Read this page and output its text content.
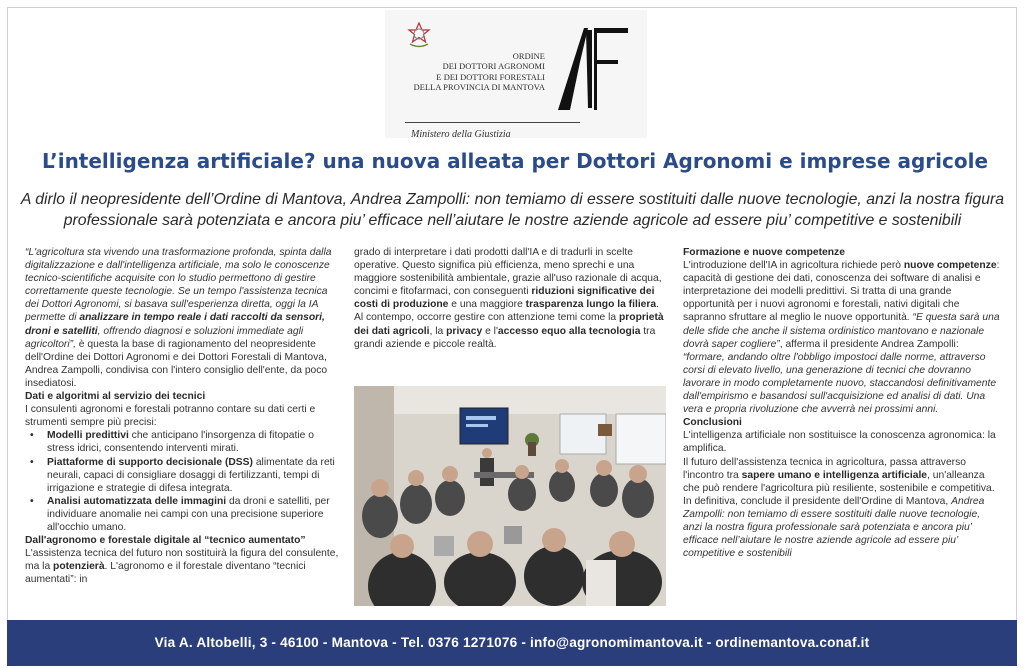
ORDINE
DEI DOTTORI AGRONOMI
E DEI DOTTORI FORESTALI
DELLA PROVINCIA DI MANTOVA
Ministero della Giustizia
L’intelligenza artificiale? una nuova alleata per Dottori Agronomi e imprese agricole
A dirlo il neopresidente dell’Ordine di Mantova, Andrea Zampolli: non temiamo di essere sostituiti dalle nuove tecnologie, anzi la nostra figura professionale sarà potenziata e ancora piu’ efficace nell’aiutare le nostre aziende agricole ad essere piu’ competitive e sostenibili

“L'agricoltura sta vivendo una trasformazione profonda, spinta dalla digitalizzazione e dall'intelligenza artificiale, ma solo le conoscenze tecnico-scientifiche acquisite con lo studio permettono di gestire correttamente queste tecnologie. Se un tempo l'assistenza tecnica dei Dottori Agronomi, si basava sull'esperienza diretta, oggi la IA permette di analizzare in tempo reale i dati raccolti da sensori, droni e satelliti, offrendo diagnosi e soluzioni immediate agli agricoltori”, è questa la base di ragionamento del neopresidente dell'Ordine dei Dottori Agronomi e dei Dottori Forestali di Mantova, Andrea Zampolli, condivisa con l'intero consiglio dell'ente, da poco insediatosi.

Dati e algoritmi al servizio dei tecnici

I consulenti agronomi e forestali potranno contare su dati certi e strumenti sempre più precisi:

• Modelli predittivi che anticipano l'insorgenza di fitopatie o stress idrici, consentendo interventi mirati.
• Piattaforme di supporto decisionale (DSS) alimentate da reti neurali, capaci di consigliare dosaggi di fertilizzanti, tempi di irrigazione e strategie di difesa integrata.
• Analisi automatizzata delle immagini da droni e satelliti, per individuare anomalie nei campi con una precisione superiore all'occhio umano.

Dall'agronomo e forestale digitale al “tecnico aumentato”

L'assistenza tecnica del futuro non sostituirà la figura del consulente, ma la potenzierà. L'agronomo e il forestale diventano “tecnici aumentati”: in

grado di interpretare i dati prodotti dall'IA e di tradurli in scelte operative. Questo significa più efficienza, meno sprechi e una maggiore sostenibilità ambientale, grazie all'uso razionale di acqua, concimi e fitofarmaci, con conseguenti riduzioni significative dei costi di produzione e una maggiore trasparenza lungo la filiera. Al contempo, occorre gestire con attenzione temi come la proprietà dei dati agricoli, la privacy e l'accesso equo alla tecnologia tra grandi aziende e piccole realtà.

Formazione e nuove competenze

L'introduzione dell'IA in agricoltura richiede però nuove competenze: capacità di gestione dei dati, conoscenza dei software di analisi e interpretazione dei modelli predittivi. Si tratta di una grande opportunità per i nuovi agronomi e forestali, nativi digitali che sapranno sfruttare al meglio le nuove opportunità. “E questa sarà una delle sfide che anche il sistema ordinistico mantovano e nazionale dovrà saper cogliere”, afferma il presidente Andrea Zampolli: “formare, andando oltre l'obbligo impostoci dalle norme, attraverso corsi di elevato livello, una generazione di tecnici che dovranno lavorare in modo completamente nuovo, staccandosi definitivamente dall'empirismo e basandosi sull'acquisizione ed analisi di dati. Una vera e propria rivoluzione che avverrà nei prossimi anni.

Conclusioni

L'intelligenza artificiale non sostituisce la conoscenza agronomica: la amplifica.

Il futuro dell'assistenza tecnica in agricoltura, passa attraverso l'incontro tra sapere umano e intelligenza artificiale, un'alleanza che può rendere l'agricoltura più resiliente, sostenibile e competitiva. In definitiva, conclude il presidente dell'Ordine di Mantova, Andrea Zampolli: non temiamo di essere sostituiti dalle nuove tecnologie, anzi la nostra figura professionale sarà potenziata e ancora piu’ efficace nell’aiutare le nostre aziende agricole ad essere piu’ competitive e sostenibili

Via A. Altobelli, 3 - 46100 - Mantova - Tel. 0376 1271076 - info@agronomimantova.it - ordinemantova.conaf.it
